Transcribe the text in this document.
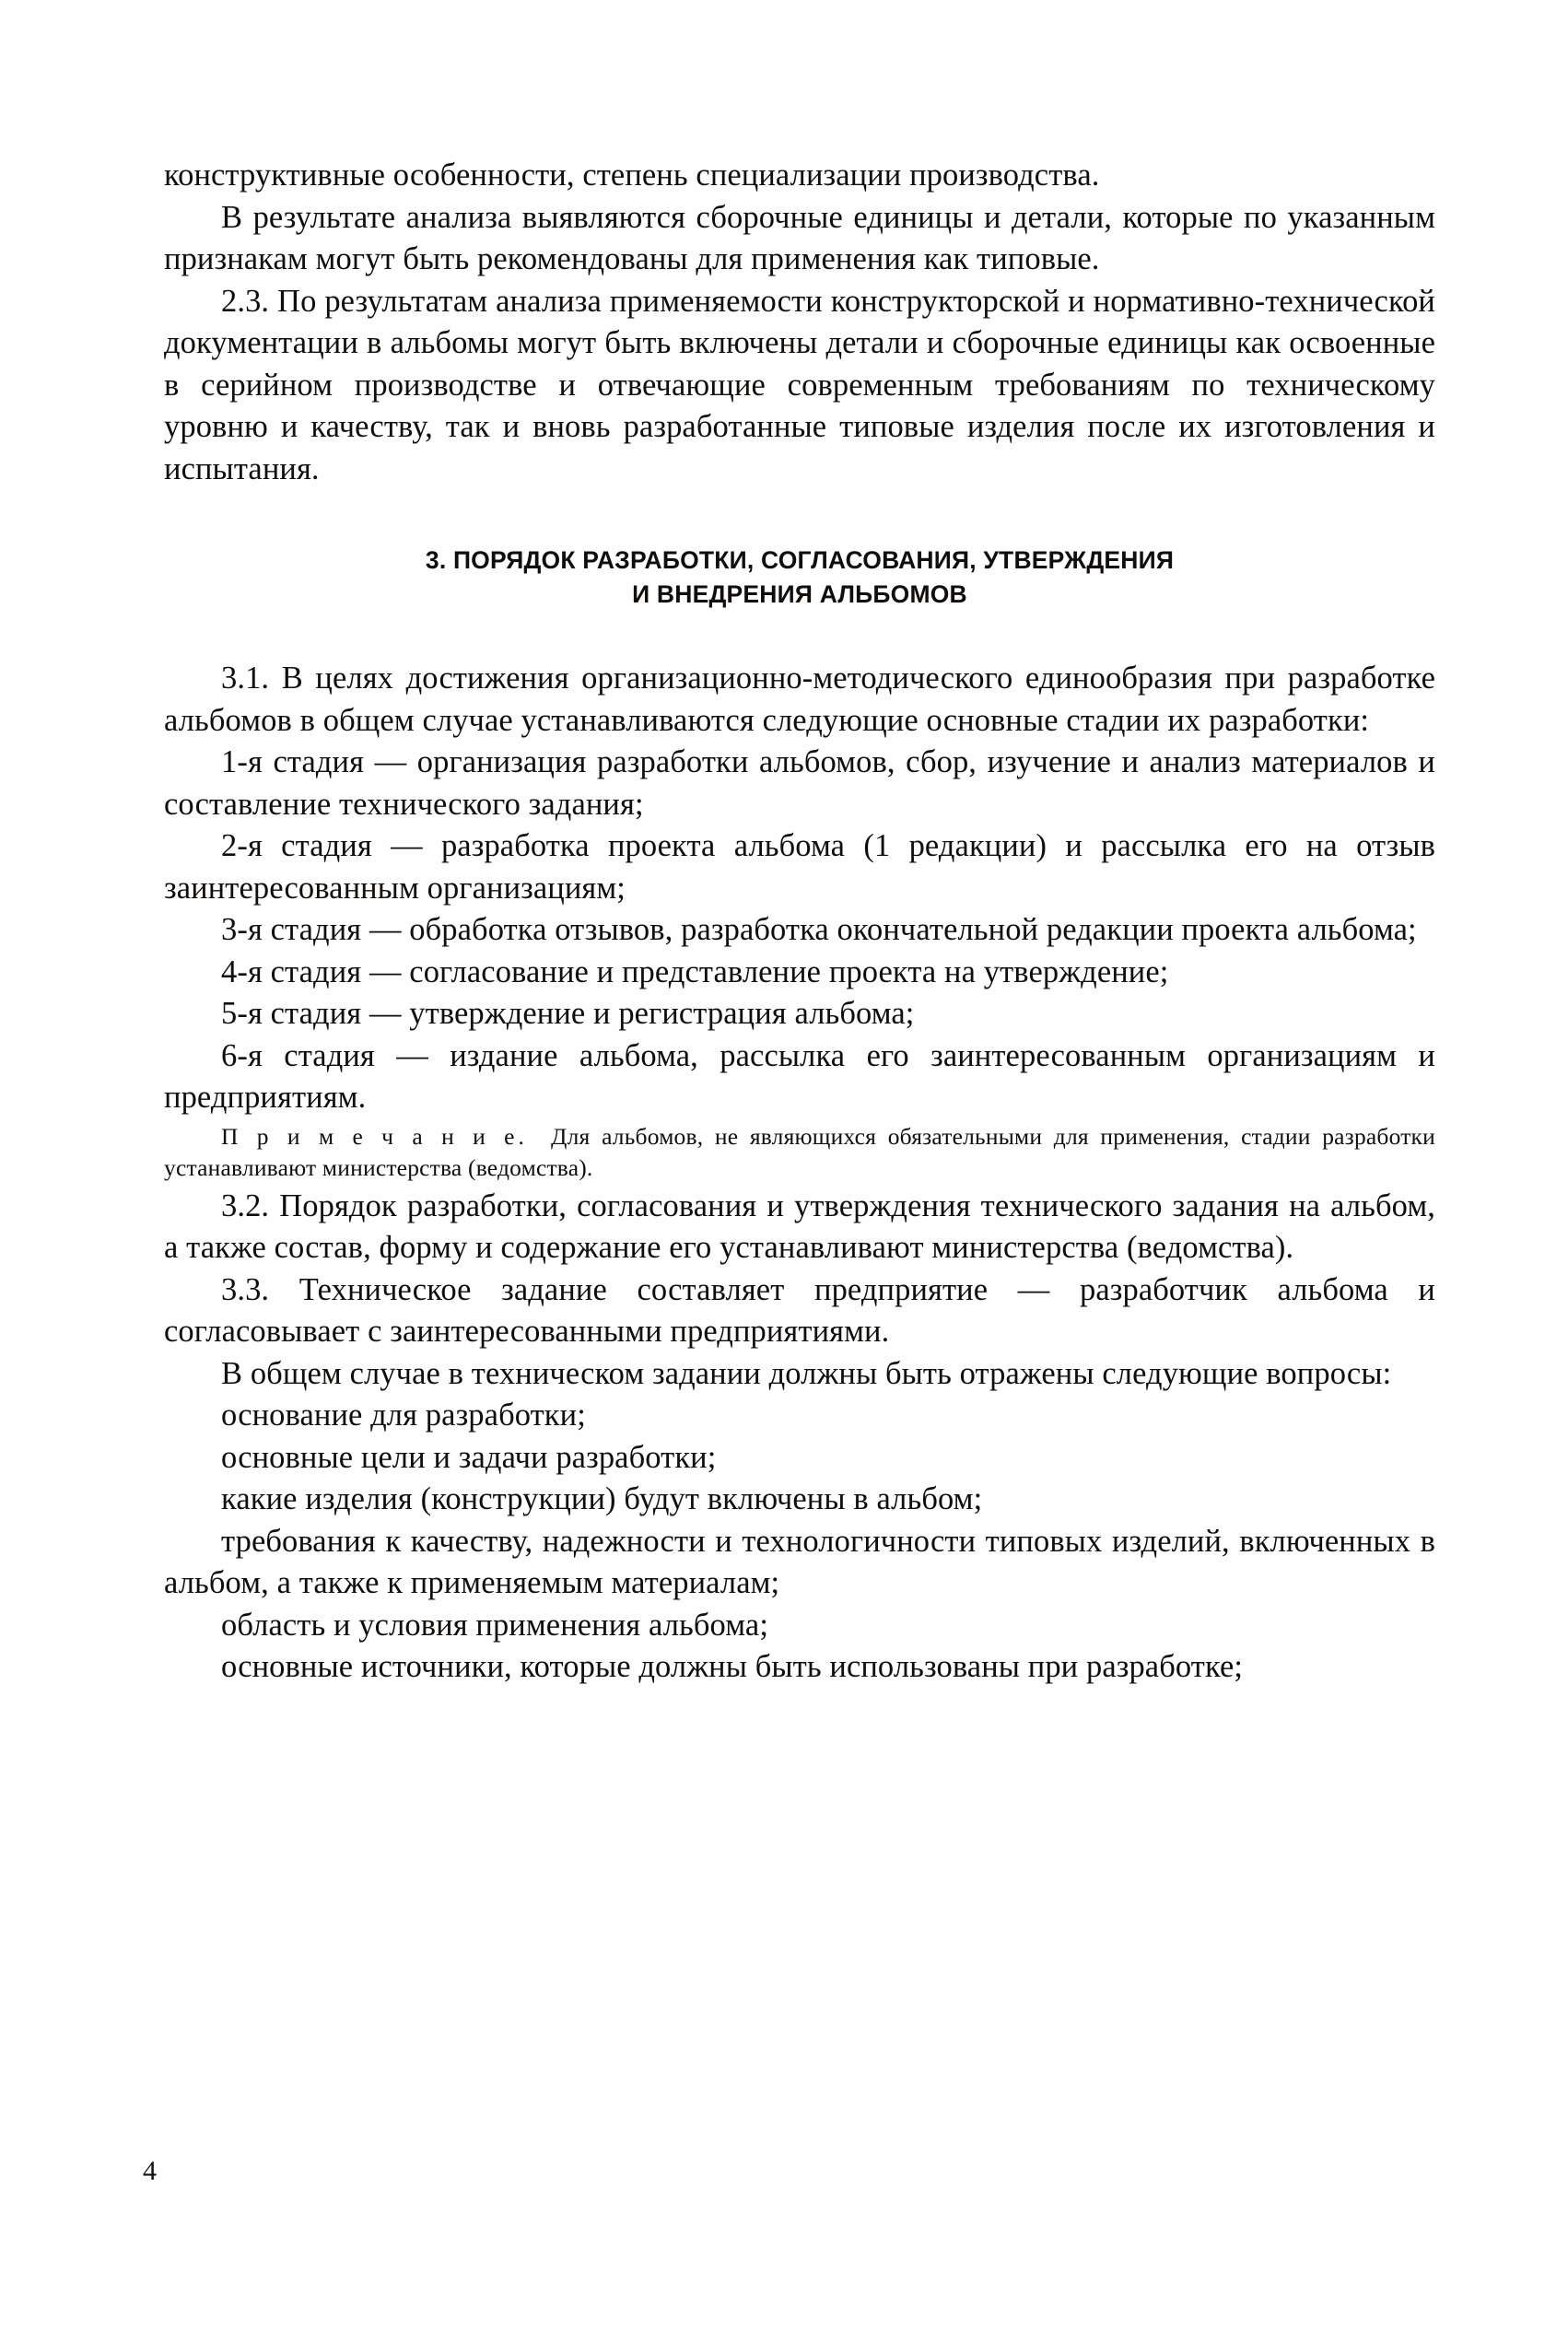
конструктивные особенности, степень специализации производства.

В результате анализа выявляются сборочные единицы и детали, которые по указанным признакам могут быть рекомендованы для применения как типовые.

2.3. По результатам анализа применяемости конструкторской и нормативно-технической документации в альбомы могут быть включены детали и сборочные единицы как освоенные в серийном производстве и отвечающие современным требованиям по техническому уровню и качеству, так и вновь разработанные типовые изделия после их изготовления и испытания.

3. ПОРЯДОК РАЗРАБОТКИ, СОГЛАСОВАНИЯ, УТВЕРЖДЕНИЯ
И ВНЕДРЕНИЯ АЛЬБОМОВ

3.1. В целях достижения организационно-методического единообразия при разработке альбомов в общем случае устанавливаются следующие основные стадии их разработки:

1-я стадия — организация разработки альбомов, сбор, изучение и анализ материалов и составление технического задания;

2-я стадия — разработка проекта альбома (1 редакции) и рассылка его на отзыв заинтересованным организациям;

3-я стадия — обработка отзывов, разработка окончательной редакции проекта альбома;

4-я стадия — согласование и представление проекта на утверждение;

5-я стадия — утверждение и регистрация альбома;

6-я стадия — издание альбома, рассылка его заинтересованным организациям и предприятиям.

П р и м е ч а н и е. Для альбомов, не являющихся обязательными для применения, стадии разработки устанавливают министерства (ведомства).

3.2. Порядок разработки, согласования и утверждения технического задания на альбом, а также состав, форму и содержание его устанавливают министерства (ведомства).

3.3. Техническое задание составляет предприятие — разработчик альбома и согласовывает с заинтересованными предприятиями.

В общем случае в техническом задании должны быть отражены следующие вопросы:

основание для разработки;

основные цели и задачи разработки;

какие изделия (конструкции) будут включены в альбом;

требования к качеству, надежности и технологичности типовых изделий, включенных в альбом, а также к применяемым материалам;

область и условия применения альбома;

основные источники, которые должны быть использованы при разработке;

4
